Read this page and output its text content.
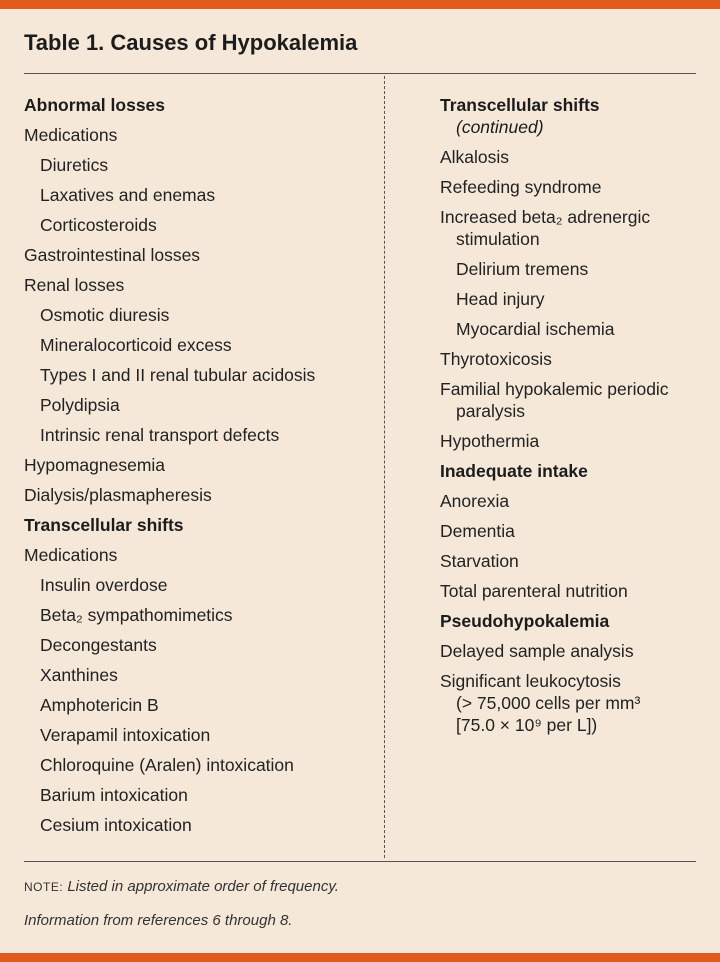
Table 1. Causes of Hypokalemia
Abnormal losses
Medications
Diuretics
Laxatives and enemas
Corticosteroids
Gastrointestinal losses
Renal losses
Osmotic diuresis
Mineralocorticoid excess
Types I and II renal tubular acidosis
Polydipsia
Intrinsic renal transport defects
Hypomagnesemia
Dialysis/plasmapheresis
Transcellular shifts
Medications
Insulin overdose
Beta₂ sympathomimetics
Decongestants
Xanthines
Amphotericin B
Verapamil intoxication
Chloroquine (Aralen) intoxication
Barium intoxication
Cesium intoxication
Transcellular shifts
(continued)
Alkalosis
Refeeding syndrome
Increased beta₂ adrenergic
stimulation
Delirium tremens
Head injury
Myocardial ischemia
Thyrotoxicosis
Familial hypokalemic periodic
paralysis
Hypothermia
Inadequate intake
Anorexia
Dementia
Starvation
Total parenteral nutrition
Pseudohypokalemia
Delayed sample analysis
Significant leukocytosis
(> 75,000 cells per mm³
[75.0 × 10⁹ per L])

NOTE: Listed in approximate order of frequency.

Information from references 6 through 8.
